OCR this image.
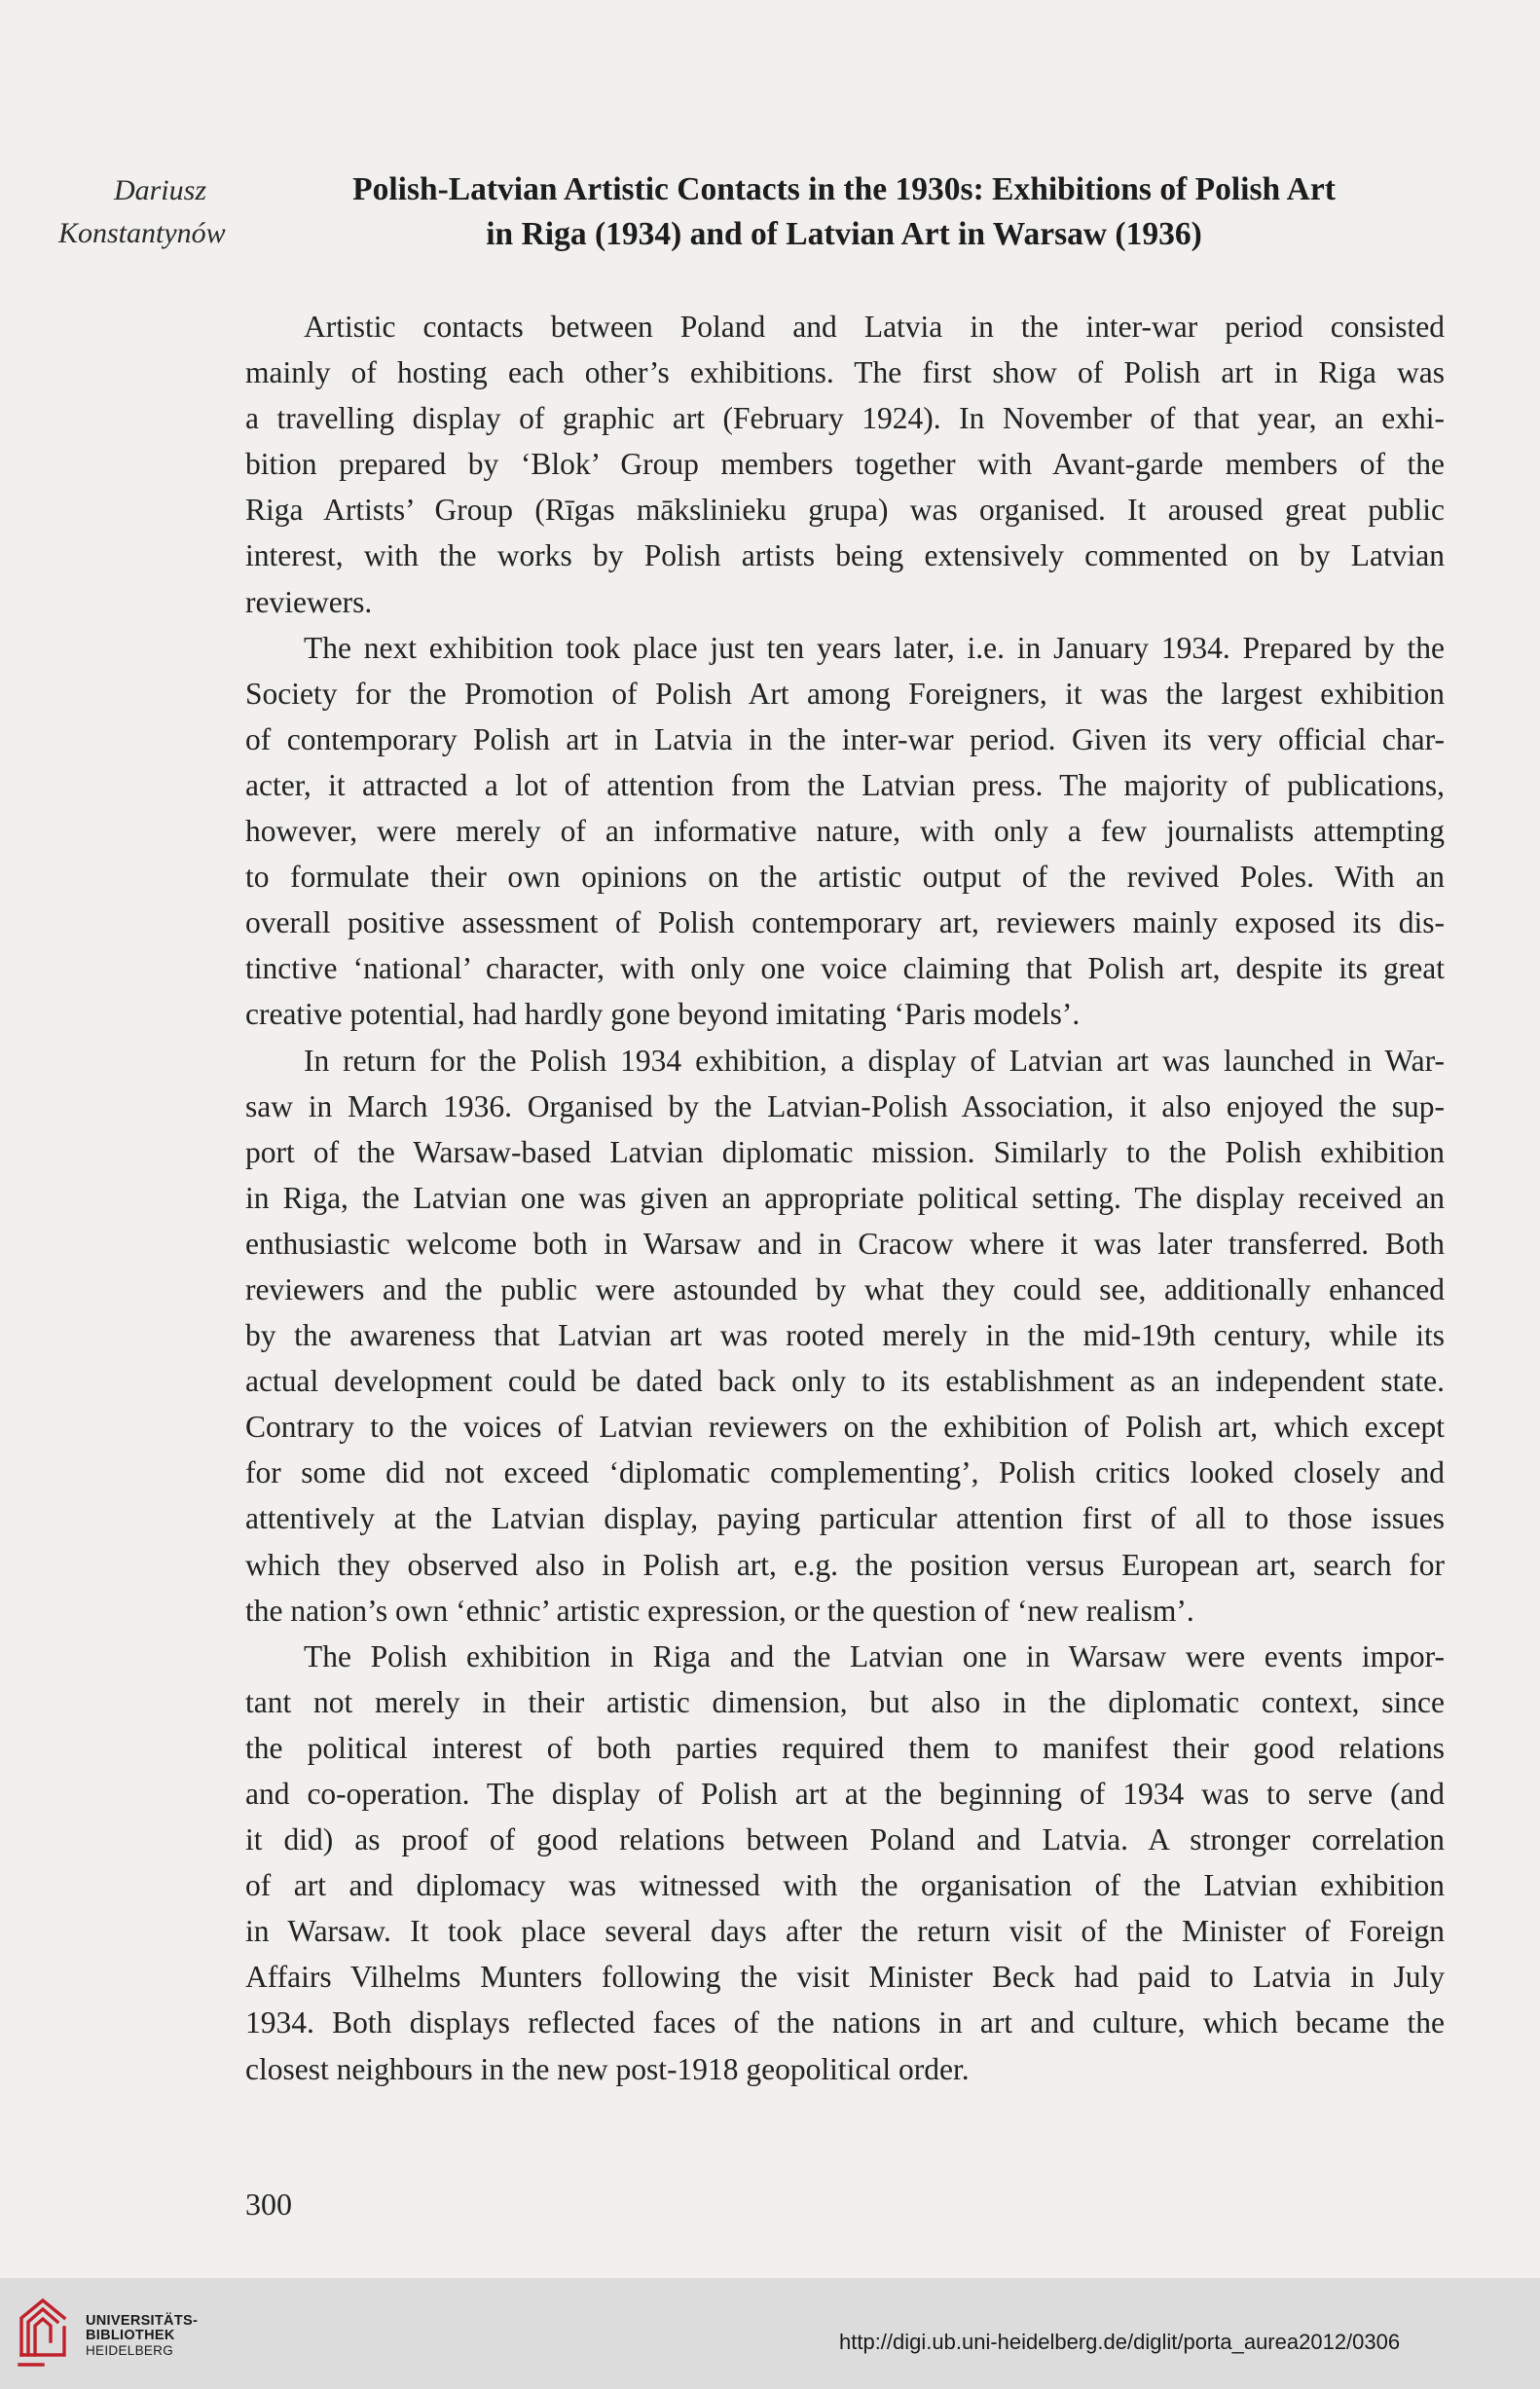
Dariusz
Konstantynów
Polish-Latvian Artistic Contacts in the 1930s: Exhibitions of Polish Art
in Riga (1934) and of Latvian Art in Warsaw (1936)

Artistic contacts between Poland and Latvia in the inter-war period consisted
mainly of hosting each other’s exhibitions. The first show of Polish art in Riga was
a travelling display of graphic art (February 1924). In November of that year, an exhi-
bition prepared by ‘Blok’ Group members together with Avant-garde members of the
Riga Artists’ Group (Rīgas mākslinieku grupa) was organised. It aroused great public
interest, with the works by Polish artists being extensively commented on by Latvian
reviewers.

The next exhibition took place just ten years later, i.e. in January 1934. Prepared by the
Society for the Promotion of Polish Art among Foreigners, it was the largest exhibition
of contemporary Polish art in Latvia in the inter-war period. Given its very official char-
acter, it attracted a lot of attention from the Latvian press. The majority of publications,
however, were merely of an informative nature, with only a few journalists attempting
to formulate their own opinions on the artistic output of the revived Poles. With an
overall positive assessment of Polish contemporary art, reviewers mainly exposed its dis-
tinctive ‘national’ character, with only one voice claiming that Polish art, despite its great
creative potential, had hardly gone beyond imitating ‘Paris models’.

In return for the Polish 1934 exhibition, a display of Latvian art was launched in War-
saw in March 1936. Organised by the Latvian-Polish Association, it also enjoyed the sup-
port of the Warsaw-based Latvian diplomatic mission. Similarly to the Polish exhibition
in Riga, the Latvian one was given an appropriate political setting. The display received an
enthusiastic welcome both in Warsaw and in Cracow where it was later transferred. Both
reviewers and the public were astounded by what they could see, additionally enhanced
by the awareness that Latvian art was rooted merely in the mid-19th century, while its
actual development could be dated back only to its establishment as an independent state.
Contrary to the voices of Latvian reviewers on the exhibition of Polish art, which except
for some did not exceed ‘diplomatic complementing’, Polish critics looked closely and
attentively at the Latvian display, paying particular attention first of all to those issues
which they observed also in Polish art, e.g. the position versus European art, search for
the nation’s own ‘ethnic’ artistic expression, or the question of ‘new realism’.

The Polish exhibition in Riga and the Latvian one in Warsaw were events impor-
tant not merely in their artistic dimension, but also in the diplomatic context, since
the political interest of both parties required them to manifest their good relations
and co-operation. The display of Polish art at the beginning of 1934 was to serve (and
it did) as proof of good relations between Poland and Latvia. A stronger correlation
of art and diplomacy was witnessed with the organisation of the Latvian exhibition
in Warsaw. It took place several days after the return visit of the Minister of Foreign
Affairs Vilhelms Munters following the visit Minister Beck had paid to Latvia in July
1934. Both displays reflected faces of the nations in art and culture, which became the
closest neighbours in the new post-1918 geopolitical order.

300
UNIVERSITÄTS-
BIBLIOTHEK
HEIDELBERG	http://digi.ub.uni-heidelberg.de/diglit/porta_aurea2012/0306
